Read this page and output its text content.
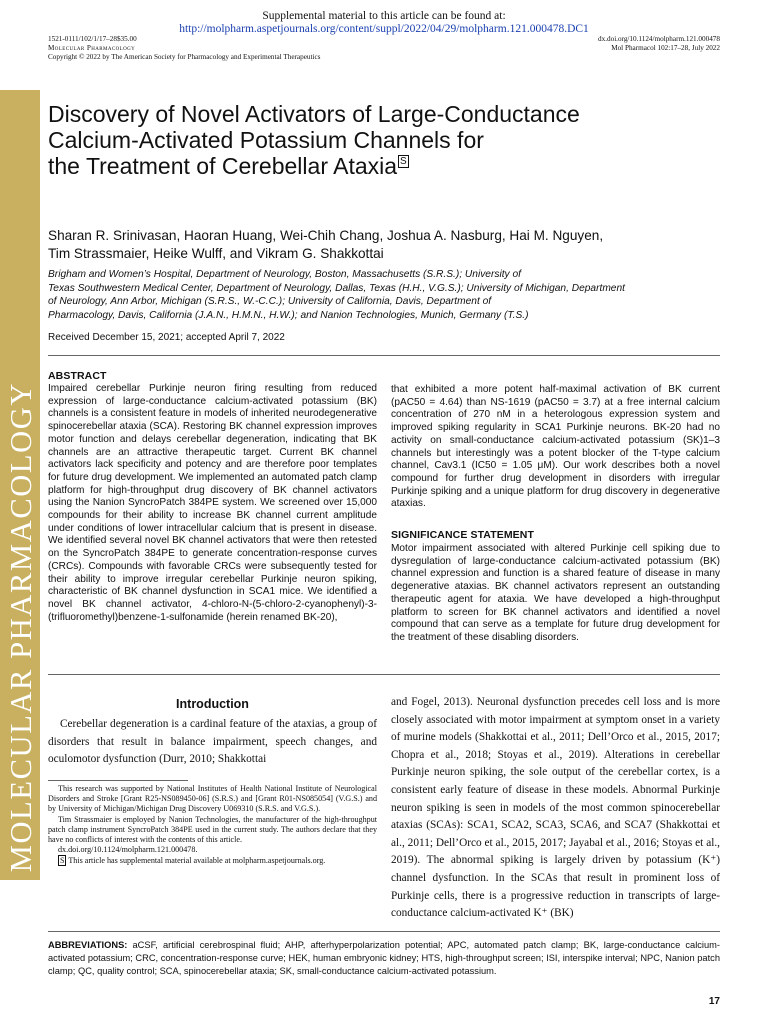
Supplemental material to this article can be found at:
http://molpharm.aspetjournals.org/content/suppl/2022/04/29/molpharm.121.000478.DC1
1521-0111/102/1/17–28$35.00
Molecular Pharmacology
Copyright © 2022 by The American Society for Pharmacology and Experimental Therapeutics
dx.doi.org/10.1124/molpharm.121.000478
Mol Pharmacol 102:17–28, July 2022
MOLECULAR PHARMACOLOGY
Discovery of Novel Activators of Large-Conductance
Calcium-Activated Potassium Channels for
the Treatment of Cerebellar Ataxia S
Sharan R. Srinivasan, Haoran Huang, Wei-Chih Chang, Joshua A. Nasburg, Hai M. Nguyen,
Tim Strassmaier, Heike Wulff, and Vikram G. Shakkottai
Brigham and Women’s Hospital, Department of Neurology, Boston, Massachusetts (S.R.S.); University of
Texas Southwestern Medical Center, Department of Neurology, Dallas, Texas (H.H., V.G.S.); University of Michigan, Department
of Neurology, Ann Arbor, Michigan (S.R.S., W.-C.C.); University of California, Davis, Department of
Pharmacology, Davis, California (J.A.N., H.M.N., H.W.); and Nanion Technologies, Munich, Germany (T.S.)
Received December 15, 2021; accepted April 7, 2022
ABSTRACT

Impaired cerebellar Purkinje neuron firing resulting from reduced expression of large-conductance calcium-activated potassium (BK) channels is a consistent feature in models of inherited neurodegenerative spinocerebellar ataxia (SCA). Restoring BK channel expression improves motor function and delays cerebellar degeneration, indicating that BK channels are an attractive therapeutic target. Current BK channel activators lack specificity and potency and are therefore poor templates for future drug development. We implemented an automated patch clamp platform for high-throughput drug discovery of BK channel activators using the Nanion SyncroPatch 384PE system. We screened over 15,000 compounds for their ability to increase BK channel current amplitude under conditions of lower intracellular calcium that is present in disease. We identified several novel BK channel activators that were then retested on the SyncroPatch 384PE to generate concentration-response curves (CRCs). Compounds with favorable CRCs were subsequently tested for their ability to improve irregular cerebellar Purkinje neuron spiking, characteristic of BK channel dysfunction in SCA1 mice. We identified a novel BK channel activator, 4-chloro-N-(5-chloro-2-cyanophenyl)-3-(trifluoromethyl)benzene-1-sulfonamide (herein renamed BK-20),

that exhibited a more potent half-maximal activation of BK current (pAC50 = 4.64) than NS-1619 (pAC50 = 3.7) at a free internal calcium concentration of 270 nM in a heterologous expression system and improved spiking regularity in SCA1 Purkinje neurons. BK-20 had no activity on small-conductance calcium-activated potassium (SK)1–3 channels but interestingly was a potent blocker of the T-type calcium channel, Cav3.1 (IC50 = 1.05 μM). Our work describes both a novel compound for further drug development in disorders with irregular Purkinje spiking and a unique platform for drug discovery in degenerative ataxias.

SIGNIFICANCE STATEMENT

Motor impairment associated with altered Purkinje cell spiking due to dysregulation of large-conductance calcium-activated potassium (BK) channel expression and function is a shared feature of disease in many degenerative ataxias. BK channel activators represent an outstanding therapeutic agent for ataxia. We have developed a high-throughput platform to screen for BK channel activators and identified a novel compound that can serve as a template for future drug development for the treatment of these disabling disorders.

Introduction

Cerebellar degeneration is a cardinal feature of the ataxias, a group of disorders that result in balance impairment, speech changes, and oculomotor dysfunction (Durr, 2010; Shakkottai

and Fogel, 2013). Neuronal dysfunction precedes cell loss and is more closely associated with motor impairment at symptom onset in a variety of murine models (Shakkottai et al., 2011; Dell’Orco et al., 2015, 2017; Chopra et al., 2018; Stoyas et al., 2019). Alterations in cerebellar Purkinje neuron spiking, the sole output of the cerebellar cortex, is a consistent early feature of disease in these models. Abnormal Purkinje neuron spiking is seen in models of the most common spinocerebellar ataxias (SCAs): SCA1, SCA2, SCA3, SCA6, and SCA7 (Shakkottai et al., 2011; Dell’Orco et al., 2015, 2017; Jayabal et al., 2016; Stoyas et al., 2019). The abnormal spiking is largely driven by potassium (K⁺) channel dysfunction. In the SCAs that result in prominent loss of Purkinje cells, there is a progressive reduction in transcripts of large-conductance calcium-activated K⁺ (BK)

This research was supported by National Institutes of Health National Institute of Neurological Disorders and Stroke [Grant R25-NS089450-06] (S.R.S.) and [Grant R01-NS085054] (V.G.S.) and by University of Michigan/Michigan Drug Discovery U069310 (S.R.S. and V.G.S.).

Tim Strassmaier is employed by Nanion Technologies, the manufacturer of the high-throughput patch clamp instrument SyncroPatch 384PE used in the current study. The authors declare that they have no conflicts of interest with the contents of this article.

dx.doi.org/10.1124/molpharm.121.000478.

S This article has supplemental material available at molpharm.aspetjournals.org.

ABBREVIATIONS: aCSF, artificial cerebrospinal fluid; AHP, afterhyperpolarization potential; APC, automated patch clamp; BK, large-conductance calcium-activated potassium; CRC, concentration-response curve; HEK, human embryonic kidney; HTS, high-throughput screen; ISI, interspike interval; NPC, Nanion patch clamp; QC, quality control; SCA, spinocerebellar ataxia; SK, small-conductance calcium-activated potassium.
17
